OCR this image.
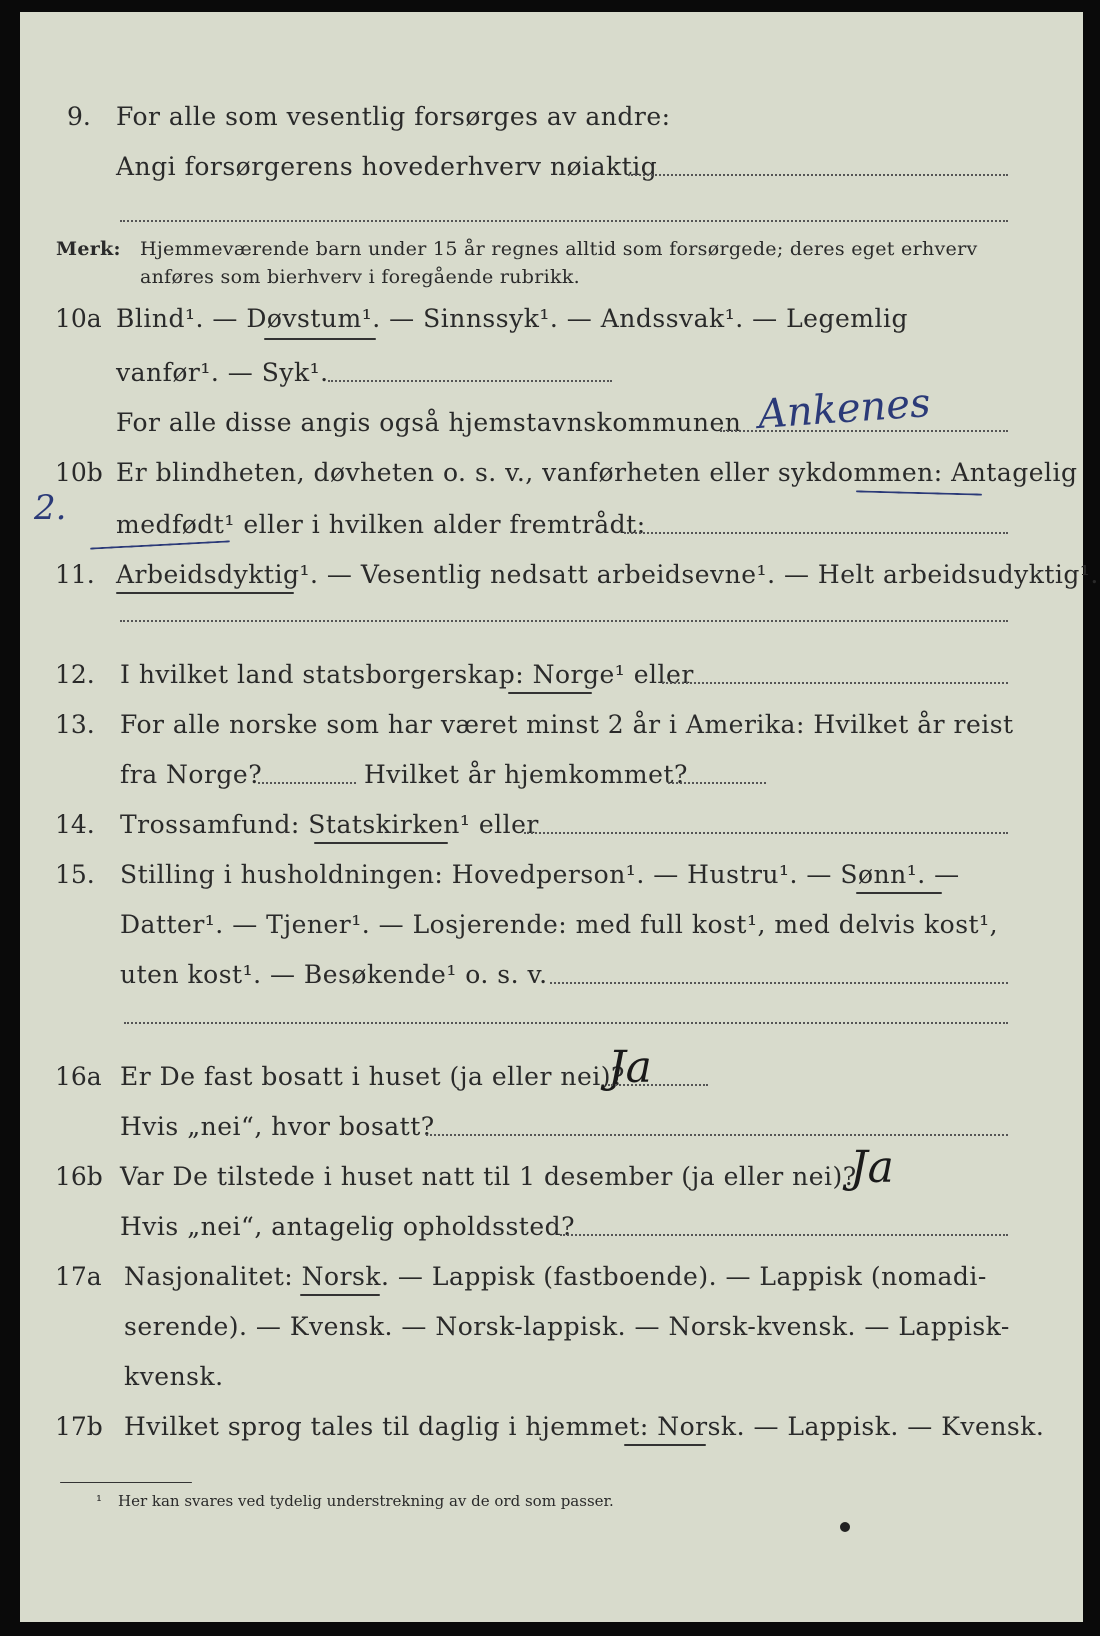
9. For alle som vesentlig forsørges av andre:
Angi forsørgerens hovederhverv nøiaktig
Merk: Hjemmeværende barn under 15 år regnes alltid som forsørgede; deres eget erhverv
anføres som bierhverv i foregående rubrikk.
10a Blind¹. — Døvstum¹. — Sinnssyk¹. — Andssvak¹. — Legemlig
vanfør¹. — Syk¹.
For alle disse angis også hjemstavnskommunen Ankenes
10b Er blindheten, døvheten o. s. v., vanførheten eller sykdommen: Antagelig
medfødt¹ eller i hvilken alder fremtrådt:
2.
11. Arbeidsdyktig¹. — Vesentlig nedsatt arbeidsevne¹. — Helt arbeidsudyktig¹.
12. I hvilket land statsborgerskap: Norge¹ eller
13. For alle norske som har været minst 2 år i Amerika: Hvilket år reist
fra Norge?	Hvilket år hjemkommet?
14. Trossamfund: Statskirken¹ eller
15. Stilling i husholdningen: Hovedperson¹. — Hustru¹. — Sønn¹. —
Datter¹. — Tjener¹. — Losjerende: med full kost¹, med delvis kost¹,
uten kost¹. — Besøkende¹ o. s. v.
16a Er De fast bosatt i huset (ja eller nei)?
Ja
Hvis „nei“, hvor bosatt?
16b Var De tilstede i huset natt til 1 desember (ja eller nei)?
Ja
Hvis „nei“, antagelig opholdssted?
17a Nasjonalitet: Norsk. — Lappisk (fastboende). — Lappisk (nomadi-
serende). — Kvensk. — Norsk-lappisk. — Norsk-kvensk. — Lappisk-
kvensk.
17b Hvilket sprog tales til daglig i hjemmet: Norsk. — Lappisk. — Kvensk.
¹ Her kan svares ved tydelig understrekning av de ord som passer.
